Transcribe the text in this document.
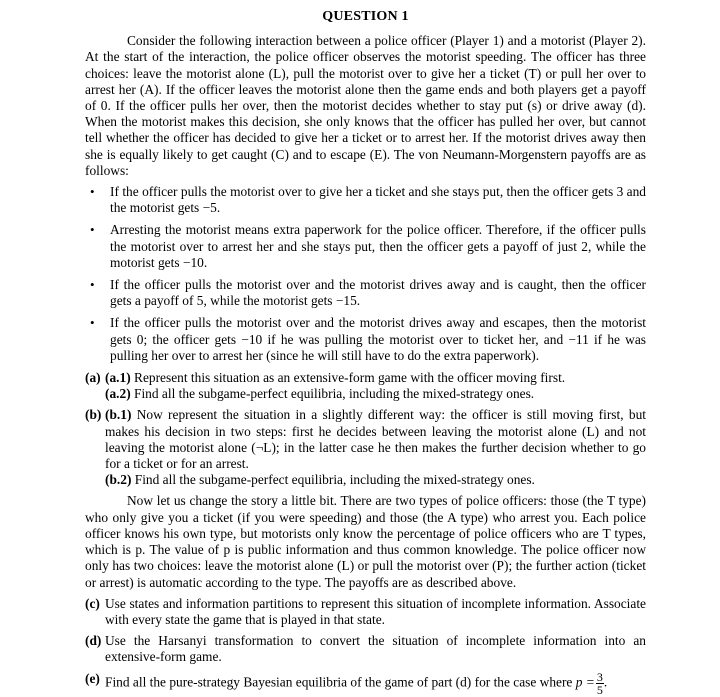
QUESTION 1

Consider the following interaction between a police officer (Player 1) and a motorist (Player 2). At the start of the interaction, the police officer observes the motorist speeding. The officer has three choices: leave the motorist alone (L), pull the motorist over to give her a ticket (T) or pull her over to arrest her (A). If the officer leaves the motorist alone then the game ends and both players get a payoff of 0. If the officer pulls her over, then the motorist decides whether to stay put (s) or drive away (d). When the motorist makes this decision, she only knows that the officer has pulled her over, but cannot tell whether the officer has decided to give her a ticket or to arrest her. If the motorist drives away then she is equally likely to get caught (C) and to escape (E). The von Neumann-Morgenstern payoffs are as follows:

• If the officer pulls the motorist over to give her a ticket and she stays put, then the officer gets 3 and the motorist gets −5.
• Arresting the motorist means extra paperwork for the police officer. Therefore, if the officer pulls the motorist over to arrest her and she stays put, then the officer gets a payoff of just 2, while the motorist gets −10.
• If the officer pulls the motorist over and the motorist drives away and is caught, then the officer gets a payoff of 5, while the motorist gets −15.
• If the officer pulls the motorist over and the motorist drives away and escapes, then the motorist gets 0; the officer gets −10 if he was pulling the motorist over to ticket her, and −11 if he was pulling her over to arrest her (since he will still have to do the extra paperwork).
(a) (a.1) Represent this situation as an extensive-form game with the officer moving first.
(a.2) Find all the subgame-perfect equilibria, including the mixed-strategy ones.
(b) (b.1) Now represent the situation in a slightly different way: the officer is still moving first, but makes his decision in two steps: first he decides between leaving the motorist alone (L) and not leaving the motorist alone (¬L); in the latter case he then makes the further decision whether to go for a ticket or for an arrest.
(b.2) Find all the subgame-perfect equilibria, including the mixed-strategy ones.

Now let us change the story a little bit. There are two types of police officers: those (the T type) who only give you a ticket (if you were speeding) and those (the A type) who arrest you. Each police officer knows his own type, but motorists only know the percentage of police officers who are T types, which is p. The value of p is public information and thus common knowledge. The police officer now only has two choices: leave the motorist alone (L) or pull the motorist over (P); the further action (ticket or arrest) is automatic according to the type. The payoffs are as described above.

(c) Use states and information partitions to represent this situation of incomplete information. Associate with every state the game that is played in that state.
(d) Use the Harsanyi transformation to convert the situation of incomplete information into an extensive-form game.
(e) Find all the pure-strategy Bayesian equilibria of the game of part (d) for the case where $p = \frac{3}{5}$ .
